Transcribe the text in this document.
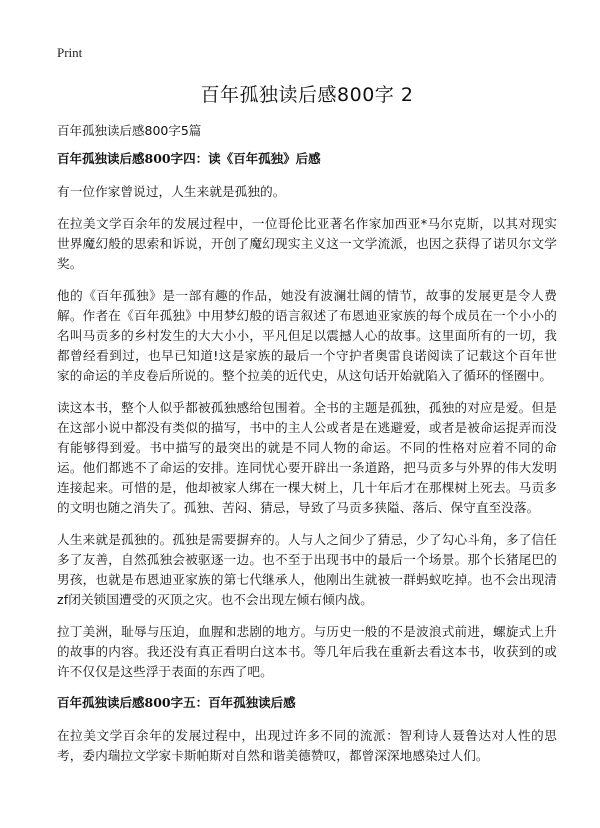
Print
百年孤独读后感800字 2

百年孤独读后感800字5篇

百年孤独读后感800字四：读《百年孤独》后感

有一位作家曾说过，人生来就是孤独的。

在拉美文学百余年的发展过程中，一位哥伦比亚著名作家加西亚*马尔克斯，以其对现实世界魔幻般的思索和诉说，开创了魔幻现实主义这一文学流派，也因之获得了诺贝尔文学奖。

他的《百年孤独》是一部有趣的作品，她没有波澜壮阔的情节，故事的发展更是令人费解。作者在《百年孤独》中用梦幻般的语言叙述了布恩迪亚家族的每个成员在一个小小的名叫马贡多的乡村发生的大大小小，平凡但足以震撼人心的故事。这里面所有的一切，我都曾经看到过，也早已知道!这是家族的最后一个守护者奥雷良诺阅读了记载这个百年世家的命运的羊皮卷后所说的。整个拉美的近代史，从这句话开始就陷入了循环的怪圈中。

读这本书，整个人似乎都被孤独感给包围着。全书的主题是孤独，孤独的对应是爱。但是在这部小说中都没有类似的描写，书中的主人公或者是在逃避爱，或者是被命运捉弄而没有能够得到爱。书中描写的最突出的就是不同人物的命运。不同的性格对应着不同的命运。他们都逃不了命运的安排。连同忧心要开辟出一条道路，把马贡多与外界的伟大发明连接起来。可惜的是，他却被家人绑在一棵大树上，几十年后才在那棵树上死去。马贡多的文明也随之消失了。孤独、苦闷、猜忌，导致了马贡多狭隘、落后、保守直至没落。

人生来就是孤独的。孤独是需要摒弃的。人与人之间少了猜忌，少了勾心斗角，多了信任多了友善，自然孤独会被驱逐一边。也不至于出现书中的最后一个场景。那个长猪尾巴的男孩，也就是布恩迪亚家族的第七代继承人，他刚出生就被一群蚂蚁吃掉。也不会出现清zf闭关锁国遭受的灭顶之灾。也不会出现左倾右倾内战。

拉丁美洲，耻辱与压迫，血腥和悲剧的地方。与历史一般的不是波浪式前进，螺旋式上升的故事的内容。我还没有真正看明白这本书。等几年后我在重新去看这本书，收获到的或许不仅仅是这些浮于表面的东西了吧。

百年孤独读后感800字五：百年孤独读后感

在拉美文学百余年的发展过程中，出现过许多不同的流派：智利诗人聂鲁达对人性的思考，委内瑞拉文学家卡斯帕斯对自然和谐美德赞叹，都曾深深地感染过人们。
